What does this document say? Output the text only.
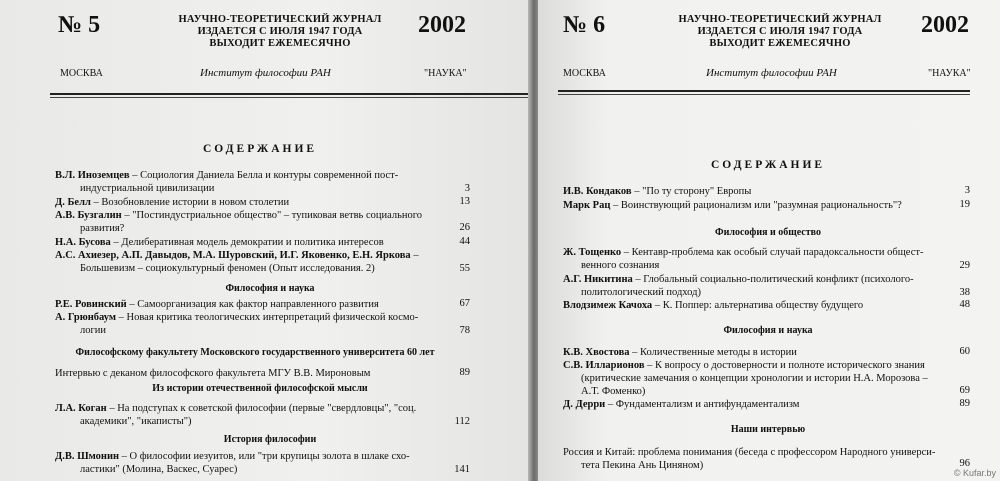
№ 5	НАУЧНО-ТЕОРЕТИЧЕСКИЙ ЖУРНАЛ
ИЗДАЕТСЯ С ИЮЛЯ 1947 ГОДА
ВЫХОДИТ ЕЖЕМЕСЯЧНО
2002
МОСКВА	Институт философии РАН	"НАУКА"
СОДЕРЖАНИЕ
В.Л. Иноземцев – Социология Даниела Белла и контуры современной пост-
индустриальной цивилизации	3
Д. Белл – Возобновление истории в новом столетии	13
А.В. Бузгалин – "Постиндустриальное общество" – тупиковая ветвь социального
развития?	26
Н.А. Бусова – Делиберативная модель демократии и политика интересов	44
А.С. Ахиезер, А.П. Давыдов, М.А. Шуровский, И.Г. Яковенко, Е.Н. Яркова –
Большевизм – социокультурный феномен (Опыт исследования. 2)	55
Философия и наука
Р.Е. Ровинский – Самоорганизация как фактор направленного развития	67
А. Грюнбаум – Новая критика теологических интерпретаций физической космо-
логии	78
Философскому факультету Московского государственного университета 60 лет
Интервью с деканом философского факультета МГУ В.В. Мироновым	89
Из истории отечественной философской мысли
Л.А. Коган – На подступах к советской философии (первые "свердловцы", "соц.
академики", "икаписты")	112
История философии
Д.В. Шмонин – О философии иезуитов, или "три крупицы золота в шлаке схо-
ластики" (Молина, Васкес, Суарес)	141
№ 6	НАУЧНО-ТЕОРЕТИЧЕСКИЙ ЖУРНАЛ
ИЗДАЕТСЯ С ИЮЛЯ 1947 ГОДА
ВЫХОДИТ ЕЖЕМЕСЯЧНО
2002
МОСКВА	Институт философии РАН	"НАУКА"
СОДЕРЖАНИЕ
И.В. Кондаков – "По ту сторону" Европы	3
Марк Рац – Воинствующий рационализм или "разумная рациональность"?	19
Философия и общество
Ж. Тощенко – Кентавр-проблема как особый случай парадоксальности общест-
венного сознания	29
А.Г. Никитина – Глобальный социально-политический конфликт (психолого-
политологический подход)	38
Влодзимеж Качоха – К. Поппер: альтернатива обществу будущего	48
Философия и наука
К.В. Хвостова – Количественные методы в истории	60
С.В. Илларионов – К вопросу о достоверности и полноте исторического знания
(критические замечания о концепции хронологии и истории Н.А. Морозова –
А.Т. Фоменко)	69
Д. Дерри – Фундаментализм и антифундаментализм	89
Наши интервью
Россия и Китай: проблема понимания (беседа с профессором Народного универси-
тета Пекина Ань Циняном)	96
© Kufar.by
